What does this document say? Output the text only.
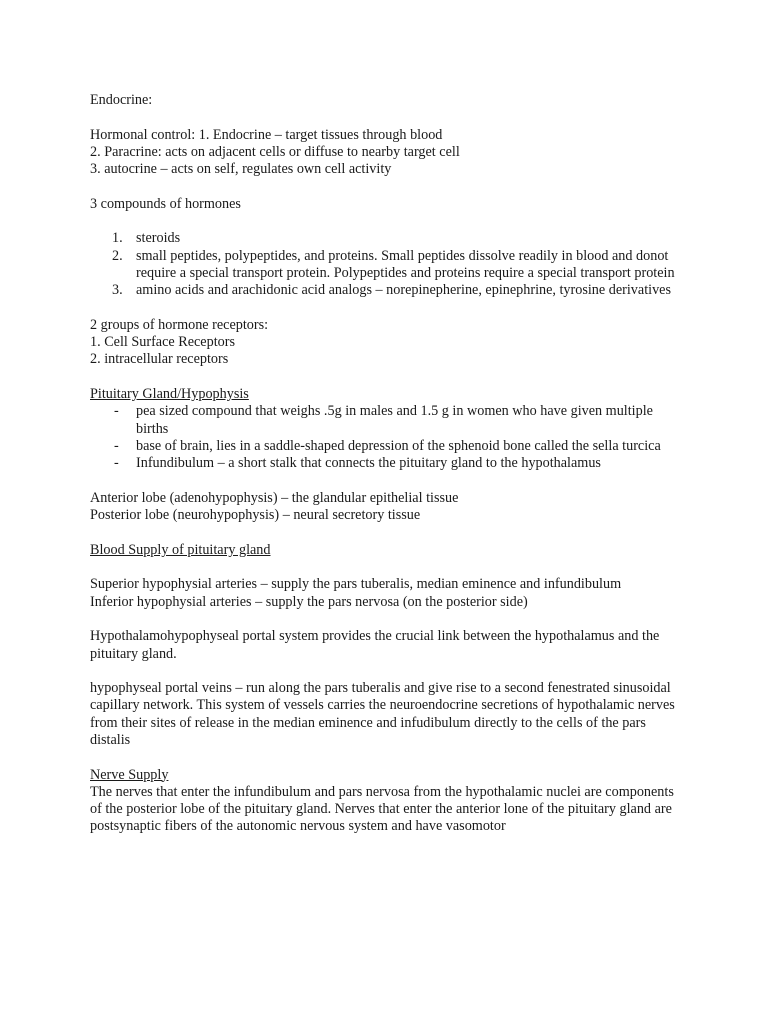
Endocrine:
Hormonal control: 1. Endocrine – target tissues through blood
2. Paracrine: acts on adjacent cells or diffuse to nearby target cell
3. autocrine – acts on self, regulates own cell activity
3 compounds of hormones
1. steroids
2. small peptides, polypeptides, and proteins. Small peptides dissolve readily in blood and donot require a special transport protein. Polypeptides and proteins require a special transport protein
3. amino acids and arachidonic acid analogs – norepinepherine, epinephrine, tyrosine derivatives
2 groups of hormone receptors:
1. Cell Surface Receptors
2. intracellular receptors
Pituitary Gland/Hypophysis
- pea sized compound that weighs .5g in males and 1.5 g in women who have given multiple births
- base of brain, lies in a saddle-shaped depression of the sphenoid bone called the sella turcica
- Infundibulum – a short stalk that connects the pituitary gland to the hypothalamus
Anterior lobe (adenohypophysis) – the glandular epithelial tissue
Posterior lobe (neurohypophysis) – neural secretory tissue
Blood Supply of pituitary gland
Superior hypophysial arteries – supply the pars tuberalis, median eminence and infundibulum
Inferior hypophysial arteries – supply the pars nervosa (on the posterior side)
Hypothalamohypophyseal portal system provides the crucial link between the hypothalamus and the pituitary gland.
hypophyseal portal veins – run along the pars tuberalis and give rise to a second fenestrated sinusoidal capillary network. This system of vessels carries the neuroendocrine secretions of hypothalamic nerves from their sites of release in the median eminence and infudibulum directly to the cells of the pars distalis
Nerve Supply
The nerves that enter the infundibulum and pars nervosa from the hypothalamic nuclei are components of the posterior lobe of the pituitary gland. Nerves that enter the anterior lone of the pituitary gland are postsynaptic fibers of the autonomic nervous system and have vasomotor
